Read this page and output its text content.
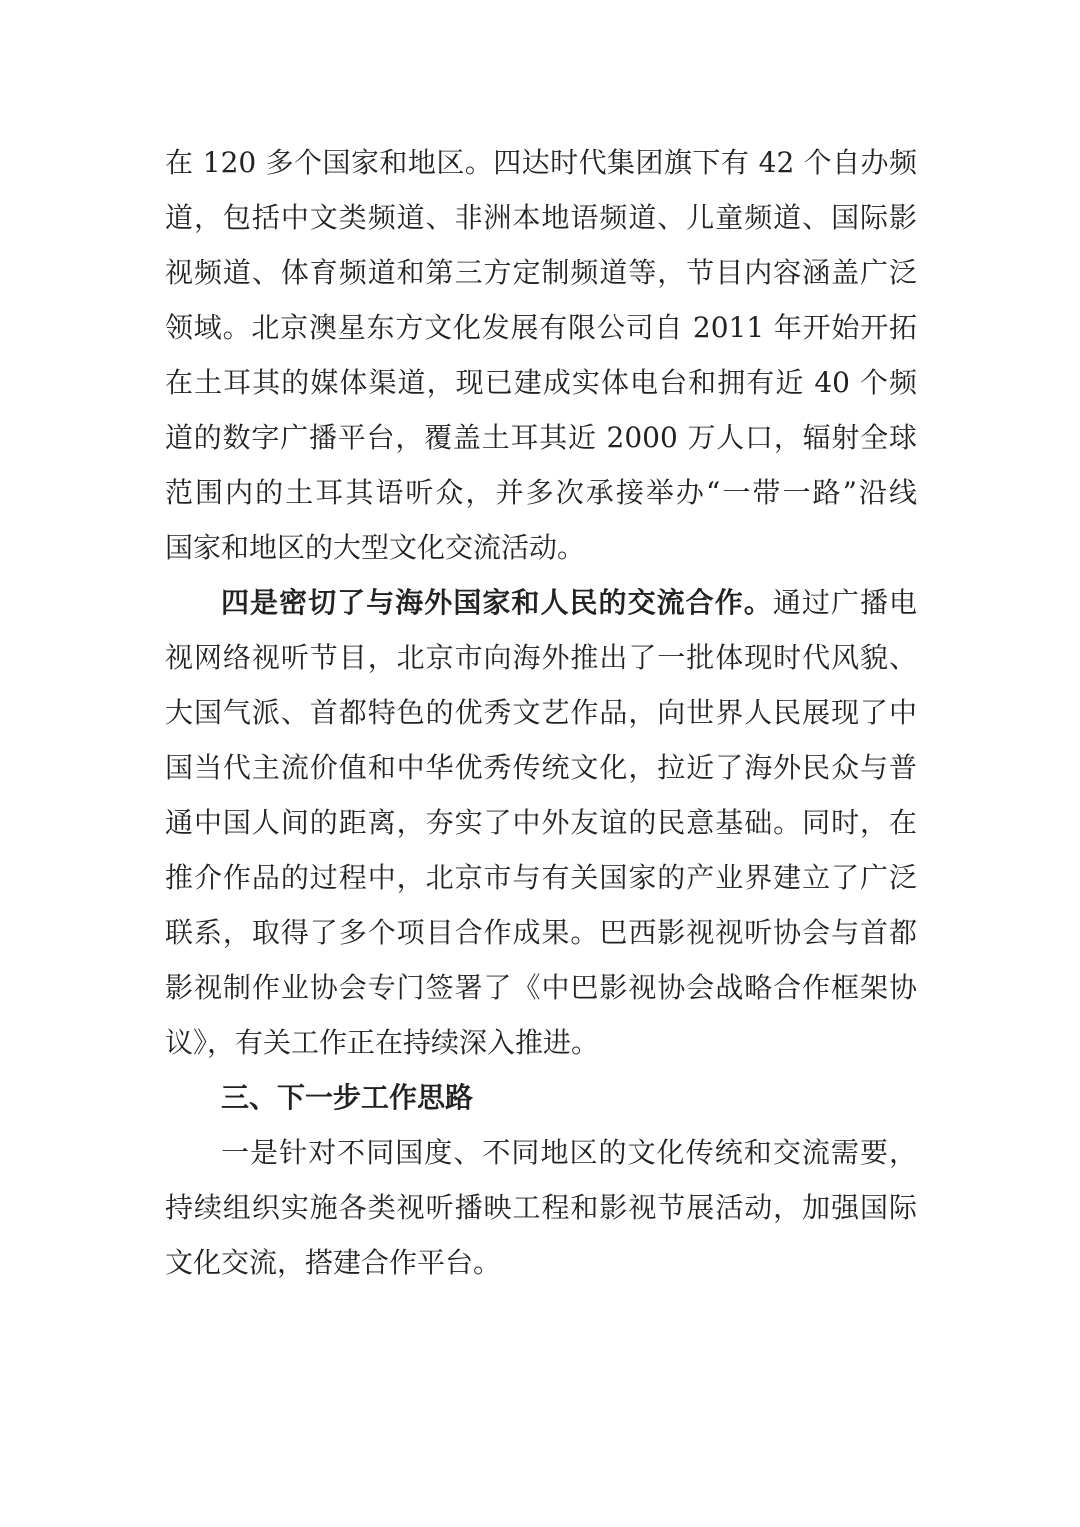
在 120 多个国家和地区。四达时代集团旗下有 42 个自办频
道，包括中文类频道、非洲本地语频道、儿童频道、国际影
视频道、体育频道和第三方定制频道等，节目内容涵盖广泛
领域。北京澳星东方文化发展有限公司自 2011 年开始开拓
在土耳其的媒体渠道，现已建成实体电台和拥有近 40 个频
道的数字广播平台，覆盖土耳其近 2000 万人口，辐射全球
范围内的土耳其语听众，并多次承接举办“一带一路”沿线
国家和地区的大型文化交流活动。
四是密切了与海外国家和人民的交流合作。通过广播电
视网络视听节目，北京市向海外推出了一批体现时代风貌、
大国气派、首都特色的优秀文艺作品，向世界人民展现了中
国当代主流价值和中华优秀传统文化，拉近了海外民众与普
通中国人间的距离，夯实了中外友谊的民意基础。同时，在
推介作品的过程中，北京市与有关国家的产业界建立了广泛
联系，取得了多个项目合作成果。巴西影视视听协会与首都
影视制作业协会专门签署了《中巴影视协会战略合作框架协
议》，有关工作正在持续深入推进。
三、下一步工作思路
一是针对不同国度、不同地区的文化传统和交流需要，
持续组织实施各类视听播映工程和影视节展活动，加强国际
文化交流，搭建合作平台。
